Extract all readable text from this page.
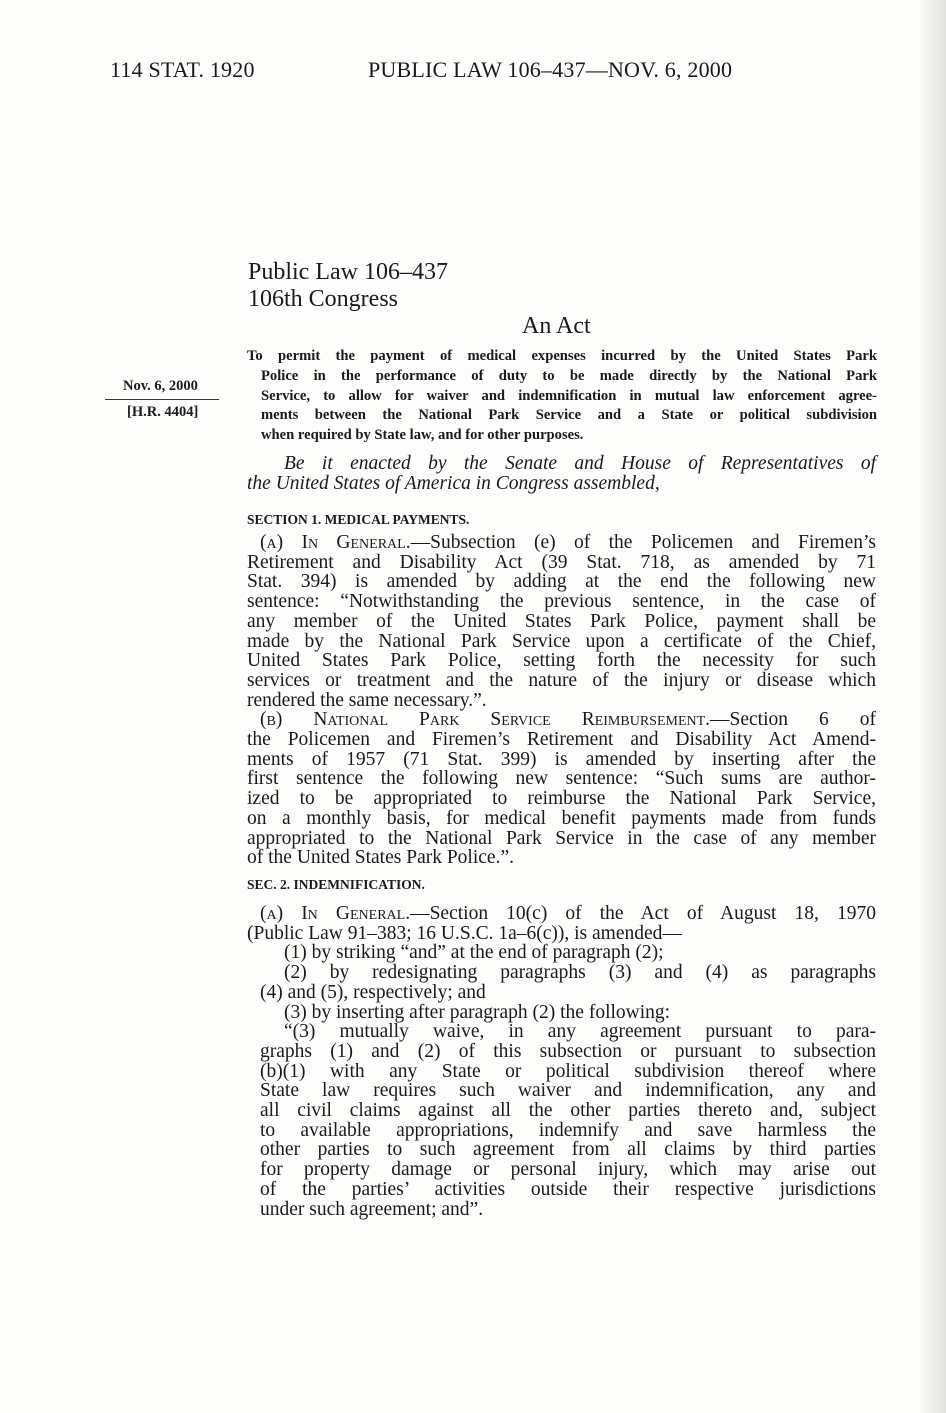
114 STAT. 1920	PUBLIC LAW 106–437—NOV. 6, 2000
Public Law 106–437
106th Congress
An Act
Nov. 6, 2000
[H.R. 4404]
To permit the payment of medical expenses incurred by the United States Park
Police in the performance of duty to be made directly by the National Park
Service, to allow for waiver and indemnification in mutual law enforcement agree-
ments between the National Park Service and a State or political subdivision
when required by State law, and for other purposes.
Be it enacted by the Senate and House of Representatives of
the United States of America in Congress assembled,
SECTION 1. MEDICAL PAYMENTS.
(a) In General.—Subsection (e) of the Policemen and Firemen’s
Retirement and Disability Act (39 Stat. 718, as amended by 71
Stat. 394) is amended by adding at the end the following new
sentence: “Notwithstanding the previous sentence, in the case of
any member of the United States Park Police, payment shall be
made by the National Park Service upon a certificate of the Chief,
United States Park Police, setting forth the necessity for such
services or treatment and the nature of the injury or disease which
rendered the same necessary.”.
(b) National Park Service Reimbursement.—Section 6 of
the Policemen and Firemen’s Retirement and Disability Act Amend-
ments of 1957 (71 Stat. 399) is amended by inserting after the
first sentence the following new sentence: “Such sums are author-
ized to be appropriated to reimburse the National Park Service,
on a monthly basis, for medical benefit payments made from funds
appropriated to the National Park Service in the case of any member
of the United States Park Police.”.
SEC. 2. INDEMNIFICATION.
(a) In General.—Section 10(c) of the Act of August 18, 1970
(Public Law 91–383; 16 U.S.C. 1a–6(c)), is amended—
(1) by striking “and” at the end of paragraph (2);
(2) by redesignating paragraphs (3) and (4) as paragraphs
(4) and (5), respectively; and
(3) by inserting after paragraph (2) the following:
“(3) mutually waive, in any agreement pursuant to para-
graphs (1) and (2) of this subsection or pursuant to subsection
(b)(1) with any State or political subdivision thereof where
State law requires such waiver and indemnification, any and
all civil claims against all the other parties thereto and, subject
to available appropriations, indemnify and save harmless the
other parties to such agreement from all claims by third parties
for property damage or personal injury, which may arise out
of the parties’ activities outside their respective jurisdictions
under such agreement; and”.
